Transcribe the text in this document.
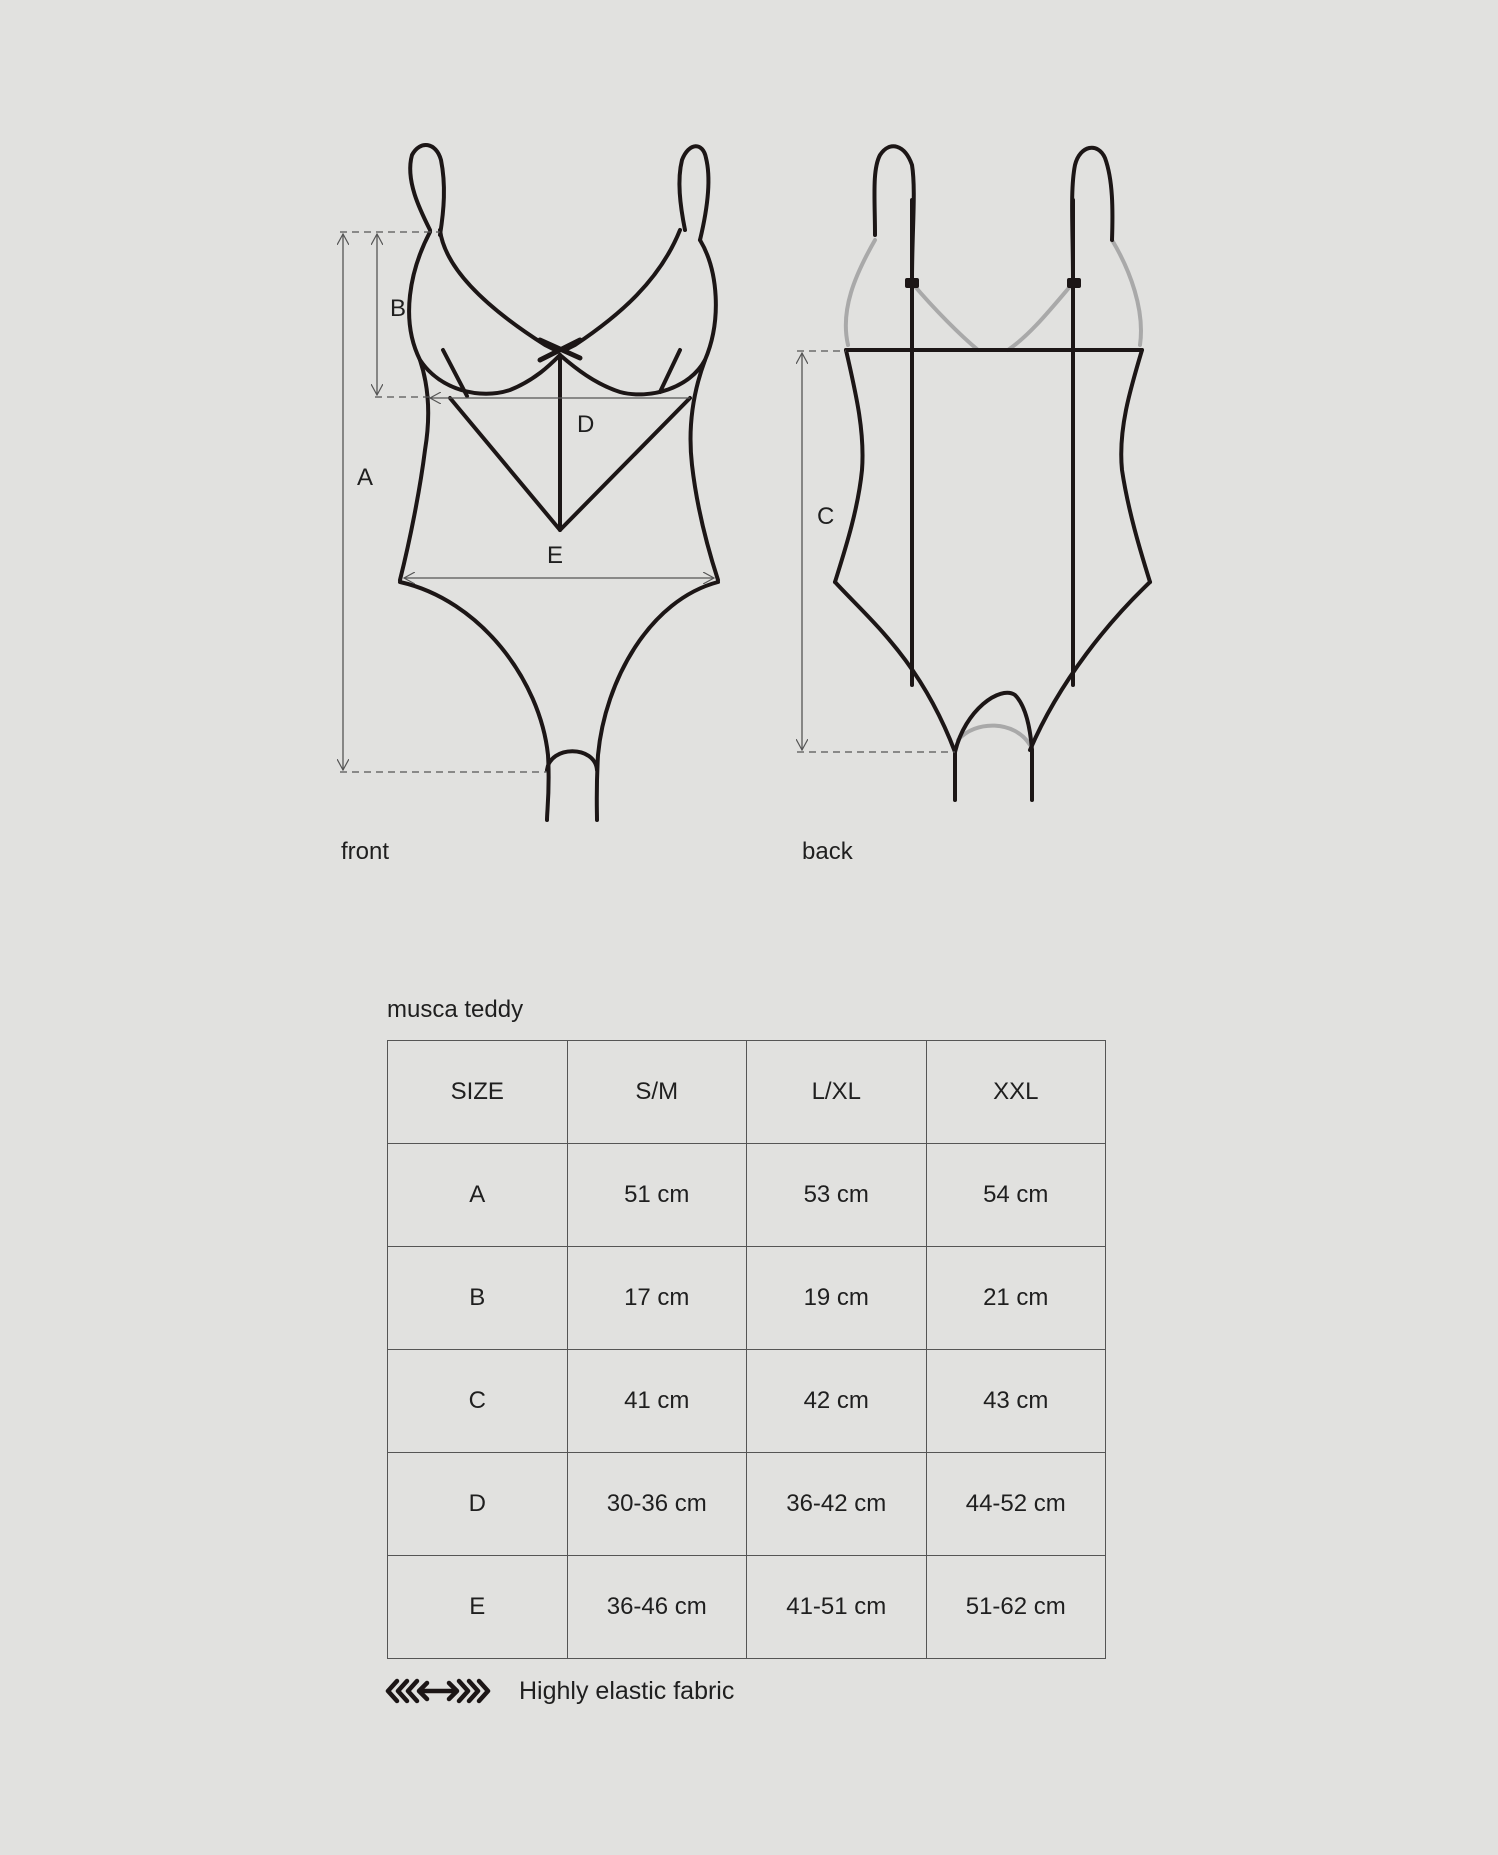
A
B
D
E
front
C
back
musca teddy
SIZE	S/M	L/XL	XXL
A	51 cm	53 cm	54 cm
B	17 cm	19 cm	21 cm
C	41 cm	42 cm	43 cm
D	30-36 cm	36-42 cm	44-52 cm
E	36-46 cm	41-51 cm	51-62 cm
Highly elastic fabric
